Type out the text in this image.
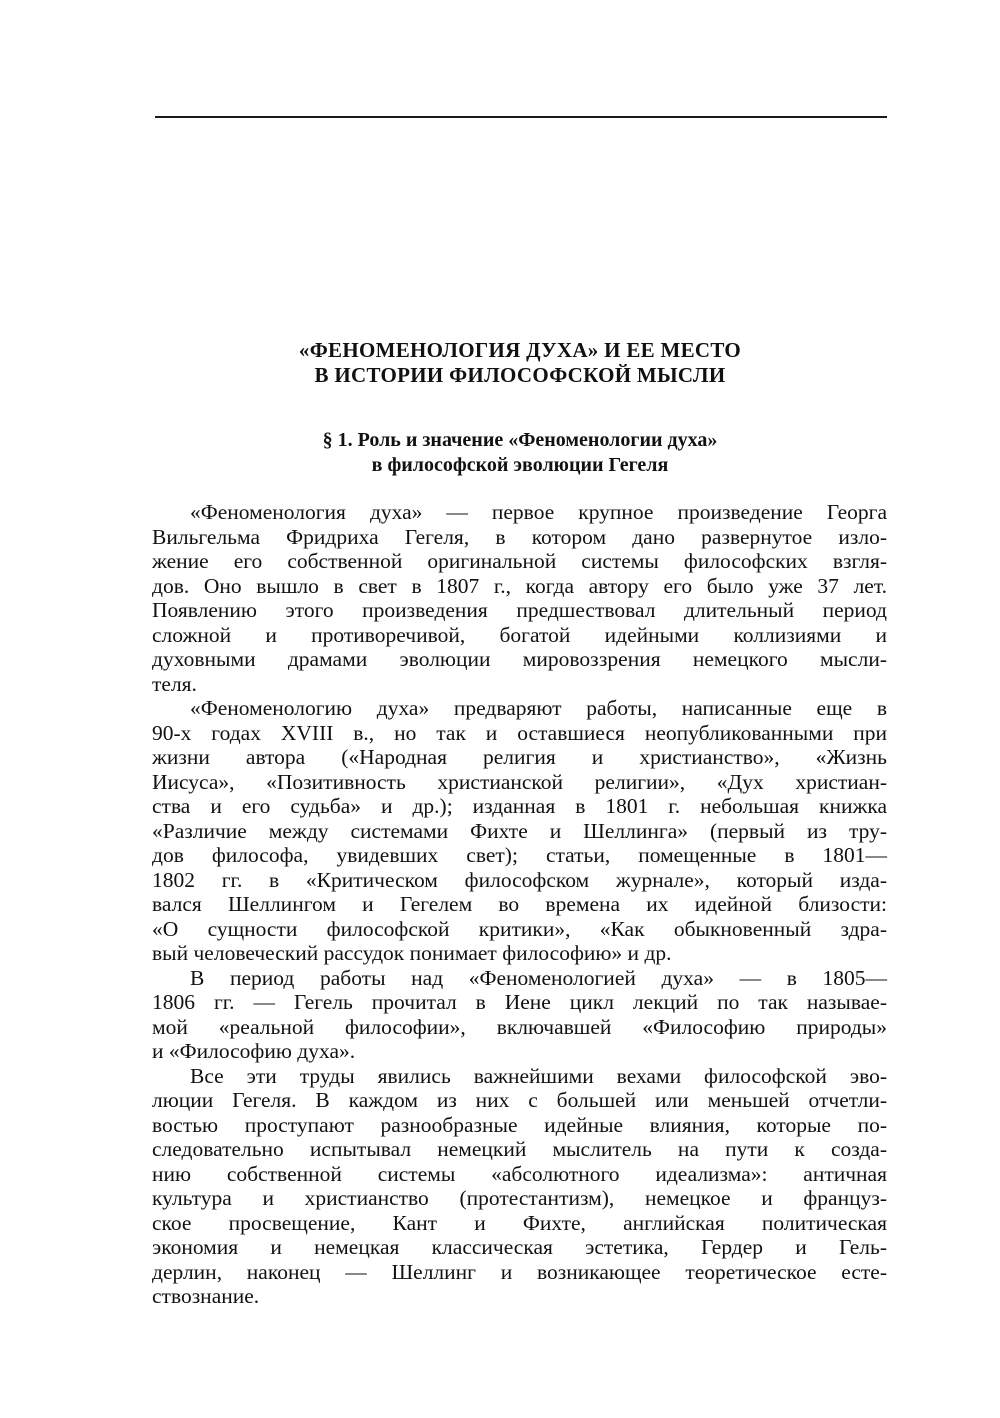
«ФЕНОМЕНОЛОГИЯ ДУХА» И ЕЕ МЕСТО
В ИСТОРИИ ФИЛОСОФСКОЙ МЫСЛИ
§ 1. Роль и значение «Феноменологии духа»
в философской эволюции Гегеля
«Феноменология духа» — первое крупное произведение Георга
Вильгельма Фридриха Гегеля, в котором дано развернутое изло-
жение его собственной оригинальной системы философских взгля-
дов. Оно вышло в свет в 1807 г., когда автору его было уже 37 лет.
Появлению этого произведения предшествовал длительный период
сложной и противоречивой, богатой идейными коллизиями и
духовными драмами эволюции мировоззрения немецкого мысли-
теля.
«Феноменологию духа» предваряют работы, написанные еще в
90-х годах XVIII в., но так и оставшиеся неопубликованными при
жизни автора («Народная религия и христианство», «Жизнь
Иисуса», «Позитивность христианской религии», «Дух христиан-
ства и его судьба» и др.); изданная в 1801 г. небольшая книжка
«Различие между системами Фихте и Шеллинга» (первый из тру-
дов философа, увидевших свет); статьи, помещенные в 1801—
1802 гг. в «Критическом философском журнале», который изда-
вался Шеллингом и Гегелем во времена их идейной близости:
«О сущности философской критики», «Как обыкновенный здра-
вый человеческий рассудок понимает философию» и др.
В период работы над «Феноменологией духа» — в 1805—
1806 гг. — Гегель прочитал в Иене цикл лекций по так называе-
мой «реальной философии», включавшей «Философию природы»
и «Философию духа».
Все эти труды явились важнейшими вехами философской эво-
люции Гегеля. В каждом из них с большей или меньшей отчетли-
востью проступают разнообразные идейные влияния, которые по-
следовательно испытывал немецкий мыслитель на пути к созда-
нию собственной системы «абсолютного идеализма»: античная
культура и христианство (протестантизм), немецкое и француз-
ское просвещение, Кант и Фихте, английская политическая
экономия и немецкая классическая эстетика, Гердер и Гель-
дерлин, наконец — Шеллинг и возникающее теоретическое есте-
ствознание.
